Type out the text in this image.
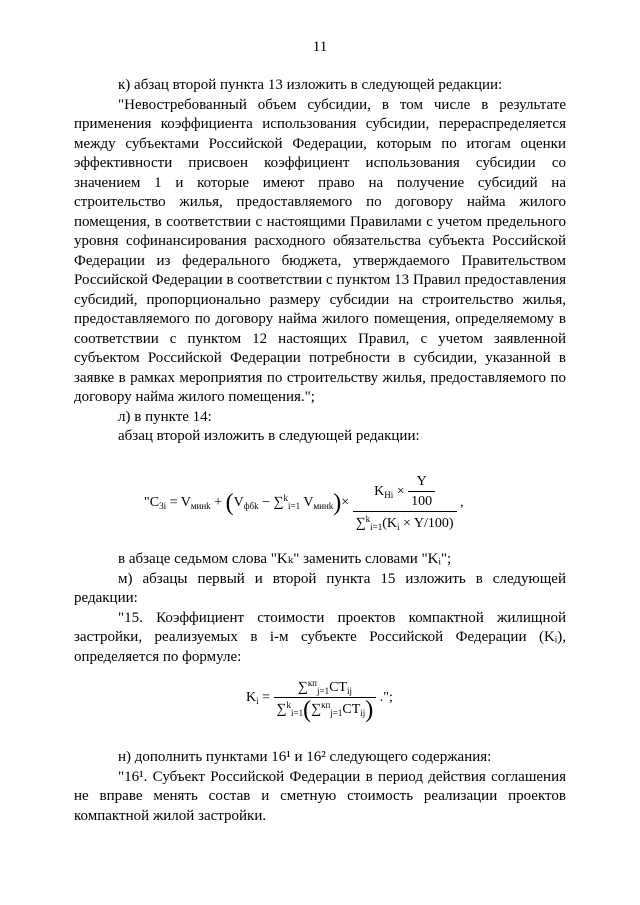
11

к) абзац второй пункта 13 изложить в следующей редакции:

"Невостребованный объем субсидии, в том числе в результате применения коэффициента использования субсидии, перераспределяется между субъектами Российской Федерации, которым по итогам оценки эффективности присвоен коэффициент использования субсидии со значением 1 и которые имеют право на получение субсидий на строительство жилья, предоставляемого по договору найма жилого помещения, в соответствии с настоящими Правилами с учетом предельного уровня софинансирования расходного обязательства субъекта Российской Федерации из федерального бюджета, утверждаемого Правительством Российской Федерации в соответствии с пунктом 13 Правил предоставления субсидий, пропорционально размеру субсидии на строительство жилья, предоставляемого по договору найма жилого помещения, определяемому в соответствии с пунктом 12 настоящих Правил, с учетом заявленной субъектом Российской Федерации потребности в субсидии, указанной в заявке в рамках мероприятия по строительству жилья, предоставляемого по договору найма жилого помещения.";

л) в пункте 14:

абзац второй изложить в следующей редакции:

"$С_{3i} = V_{минk} + (V_{фбk} - \sum^k_{i=1}$ $V_{минk})\times \frac{K_{Hi} \times \frac{Y}{100}}{\sum^k_{i=1}(K_i \times Y/100)}$ ,

в абзаце седьмом слова "Kₖ" заменить словами "Kᵢ";

м) абзацы первый и второй пункта 15 изложить в следующей редакции:

"15. Коэффициент стоимости проектов компактной жилищной застройки, реализуемых в i-м субъекте Российской Федерации (Kᵢ), определяется по формуле:

$K_i = \frac{\sum^{кп}_{j=1}CT_{ij}}{\sum^k_{i=1}(\sum^{кп}_{j=1}CT_{ij})}$ .";

н) дополнить пунктами 16¹ и 16² следующего содержания:

"16¹. Субъект Российской Федерации в период действия соглашения не вправе менять состав и сметную стоимость реализации проектов компактной жилой застройки.
